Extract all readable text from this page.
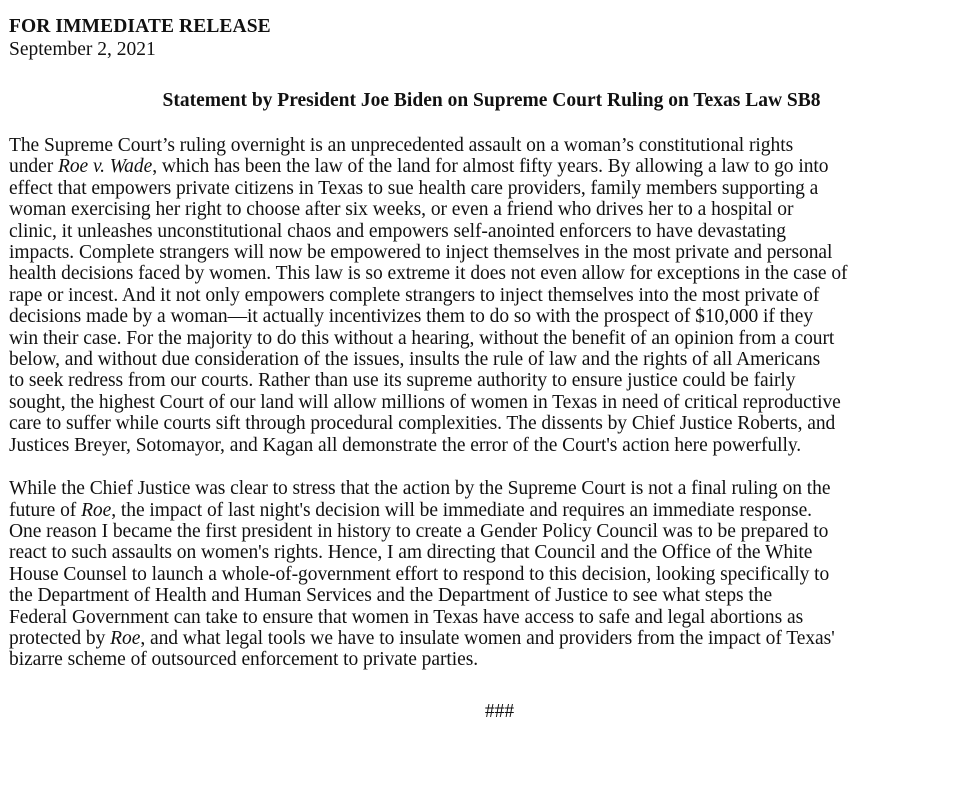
FOR IMMEDIATE RELEASE
September 2, 2021
Statement by President Joe Biden on Supreme Court Ruling on Texas Law SB8

The Supreme Court’s ruling overnight is an unprecedented assault on a woman’s constitutional rights
under Roe v. Wade, which has been the law of the land for almost fifty years. By allowing a law to go into
effect that empowers private citizens in Texas to sue health care providers, family members supporting a
woman exercising her right to choose after six weeks, or even a friend who drives her to a hospital or
clinic, it unleashes unconstitutional chaos and empowers self-anointed enforcers to have devastating
impacts. Complete strangers will now be empowered to inject themselves in the most private and personal
health decisions faced by women. This law is so extreme it does not even allow for exceptions in the case of
rape or incest. And it not only empowers complete strangers to inject themselves into the most private of
decisions made by a woman—it actually incentivizes them to do so with the prospect of $10,000 if they
win their case. For the majority to do this without a hearing, without the benefit of an opinion from a court
below, and without due consideration of the issues, insults the rule of law and the rights of all Americans
to seek redress from our courts. Rather than use its supreme authority to ensure justice could be fairly
sought, the highest Court of our land will allow millions of women in Texas in need of critical reproductive
care to suffer while courts sift through procedural complexities. The dissents by Chief Justice Roberts, and
Justices Breyer, Sotomayor, and Kagan all demonstrate the error of the Court's action here powerfully.

While the Chief Justice was clear to stress that the action by the Supreme Court is not a final ruling on the
future of Roe, the impact of last night's decision will be immediate and requires an immediate response.
One reason I became the first president in history to create a Gender Policy Council was to be prepared to
react to such assaults on women's rights. Hence, I am directing that Council and the Office of the White
House Counsel to launch a whole-of-government effort to respond to this decision, looking specifically to
the Department of Health and Human Services and the Department of Justice to see what steps the
Federal Government can take to ensure that women in Texas have access to safe and legal abortions as
protected by Roe, and what legal tools we have to insulate women and providers from the impact of Texas'
bizarre scheme of outsourced enforcement to private parties.

###
